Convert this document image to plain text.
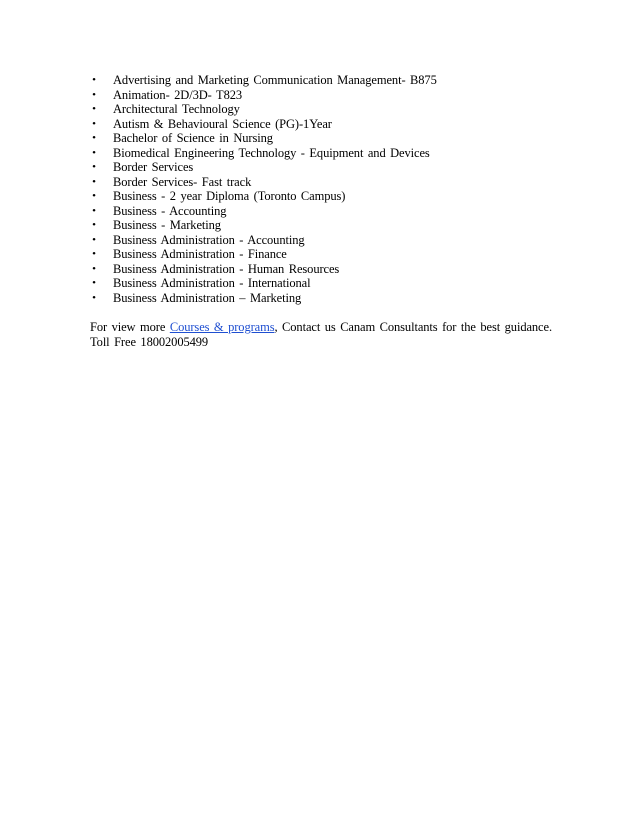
• Advertising and Marketing Communication Management- B875
• Animation- 2D/3D- T823
• Architectural Technology
• Autism & Behavioural Science (PG)-1Year
• Bachelor of Science in Nursing
• Biomedical Engineering Technology - Equipment and Devices
• Border Services
• Border Services- Fast track
• Business - 2 year Diploma (Toronto Campus)
• Business - Accounting
• Business - Marketing
• Business Administration - Accounting
• Business Administration - Finance
• Business Administration - Human Resources
• Business Administration - International
• Business Administration – Marketing
For view more Courses & programs, Contact us Canam Consultants for the best guidance.
Toll Free 18002005499
